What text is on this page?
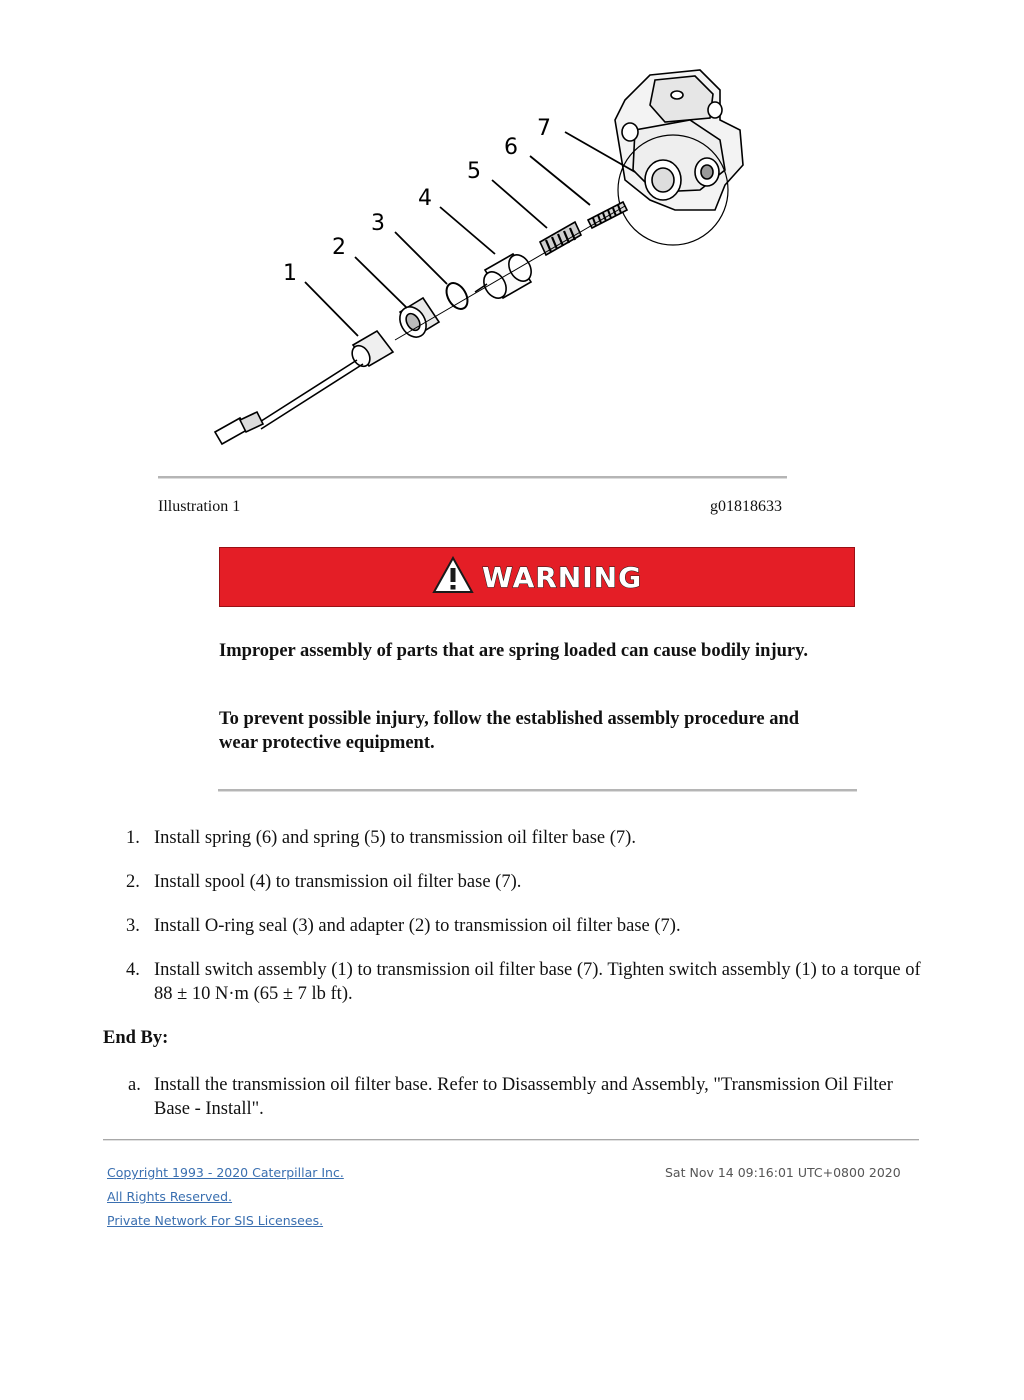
1
2
3
4
5
6
7
Illustration 1	g01818633
WARNING

Improper assembly of parts that are spring loaded can cause bodily injury.

To prevent possible injury, follow the established assembly procedure and wear protective equipment.

1. Install spring (6) and spring (5) to transmission oil filter base (7).
2. Install spool (4) to transmission oil filter base (7).
3. Install O-ring seal (3) and adapter (2) to transmission oil filter base (7).
4. Install switch assembly (1) to transmission oil filter base (7). Tighten switch assembly (1) to a torque of 88 ± 10 N·m (65 ± 7 lb ft).
End By:
a. Install the transmission oil filter base. Refer to Disassembly and Assembly, "Transmission Oil Filter Base - Install".
Copyright 1993 - 2020 Caterpillar Inc.
All Rights Reserved.
Private Network For SIS Licensees.
Sat Nov 14 09:16:01 UTC+0800 2020
